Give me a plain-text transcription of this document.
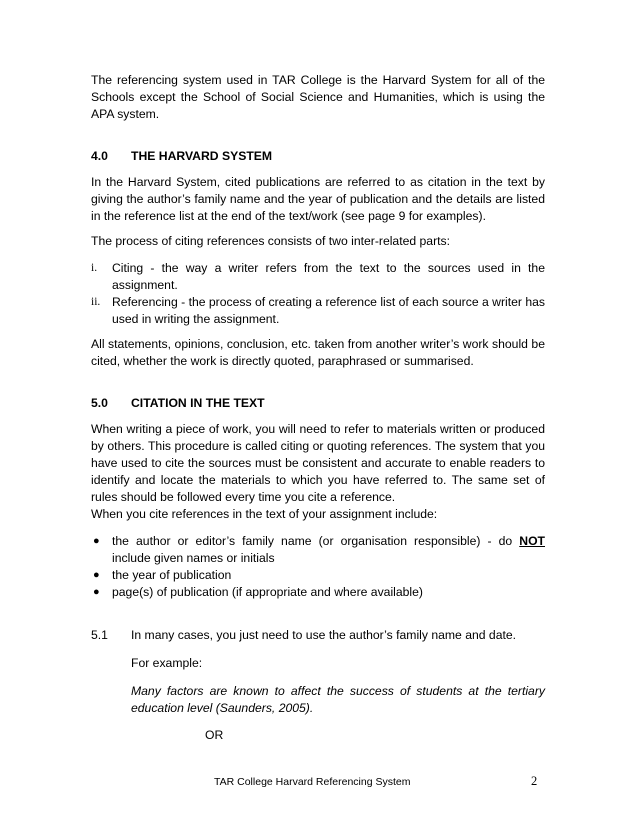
The referencing system used in TAR College is the Harvard System for all of the Schools except the School of Social Science and Humanities, which is using the APA system.

4.0 THE HARVARD SYSTEM

In the Harvard System, cited publications are referred to as citation in the text by giving the author’s family name and the year of publication and the details are listed in the reference list at the end of the text/work (see page 9 for examples).

The process of citing references consists of two inter-related parts:

i. Citing - the way a writer refers from the text to the sources used in the assignment.
ii. Referencing - the process of creating a reference list of each source a writer has used in writing the assignment.

All statements, opinions, conclusion, etc. taken from another writer’s work should be cited, whether the work is directly quoted, paraphrased or summarised.

5.0 CITATION IN THE TEXT

When writing a piece of work, you will need to refer to materials written or produced by others. This procedure is called citing or quoting references. The system that you have used to cite the sources must be consistent and accurate to enable readers to identify and locate the materials to which you have referred to. The same set of rules should be followed every time you cite a reference.

When you cite references in the text of your assignment include:

● the author or editor’s family name (or organisation responsible) - do NOT include given names or initials
● the year of publication
● page(s) of publication (if appropriate and where available)
5.1 In many cases, you just need to use the author’s family name and date.
For example:
Many factors are known to affect the success of students at the tertiary education level (Saunders, 2005).
OR
TAR College Harvard Referencing System	2
